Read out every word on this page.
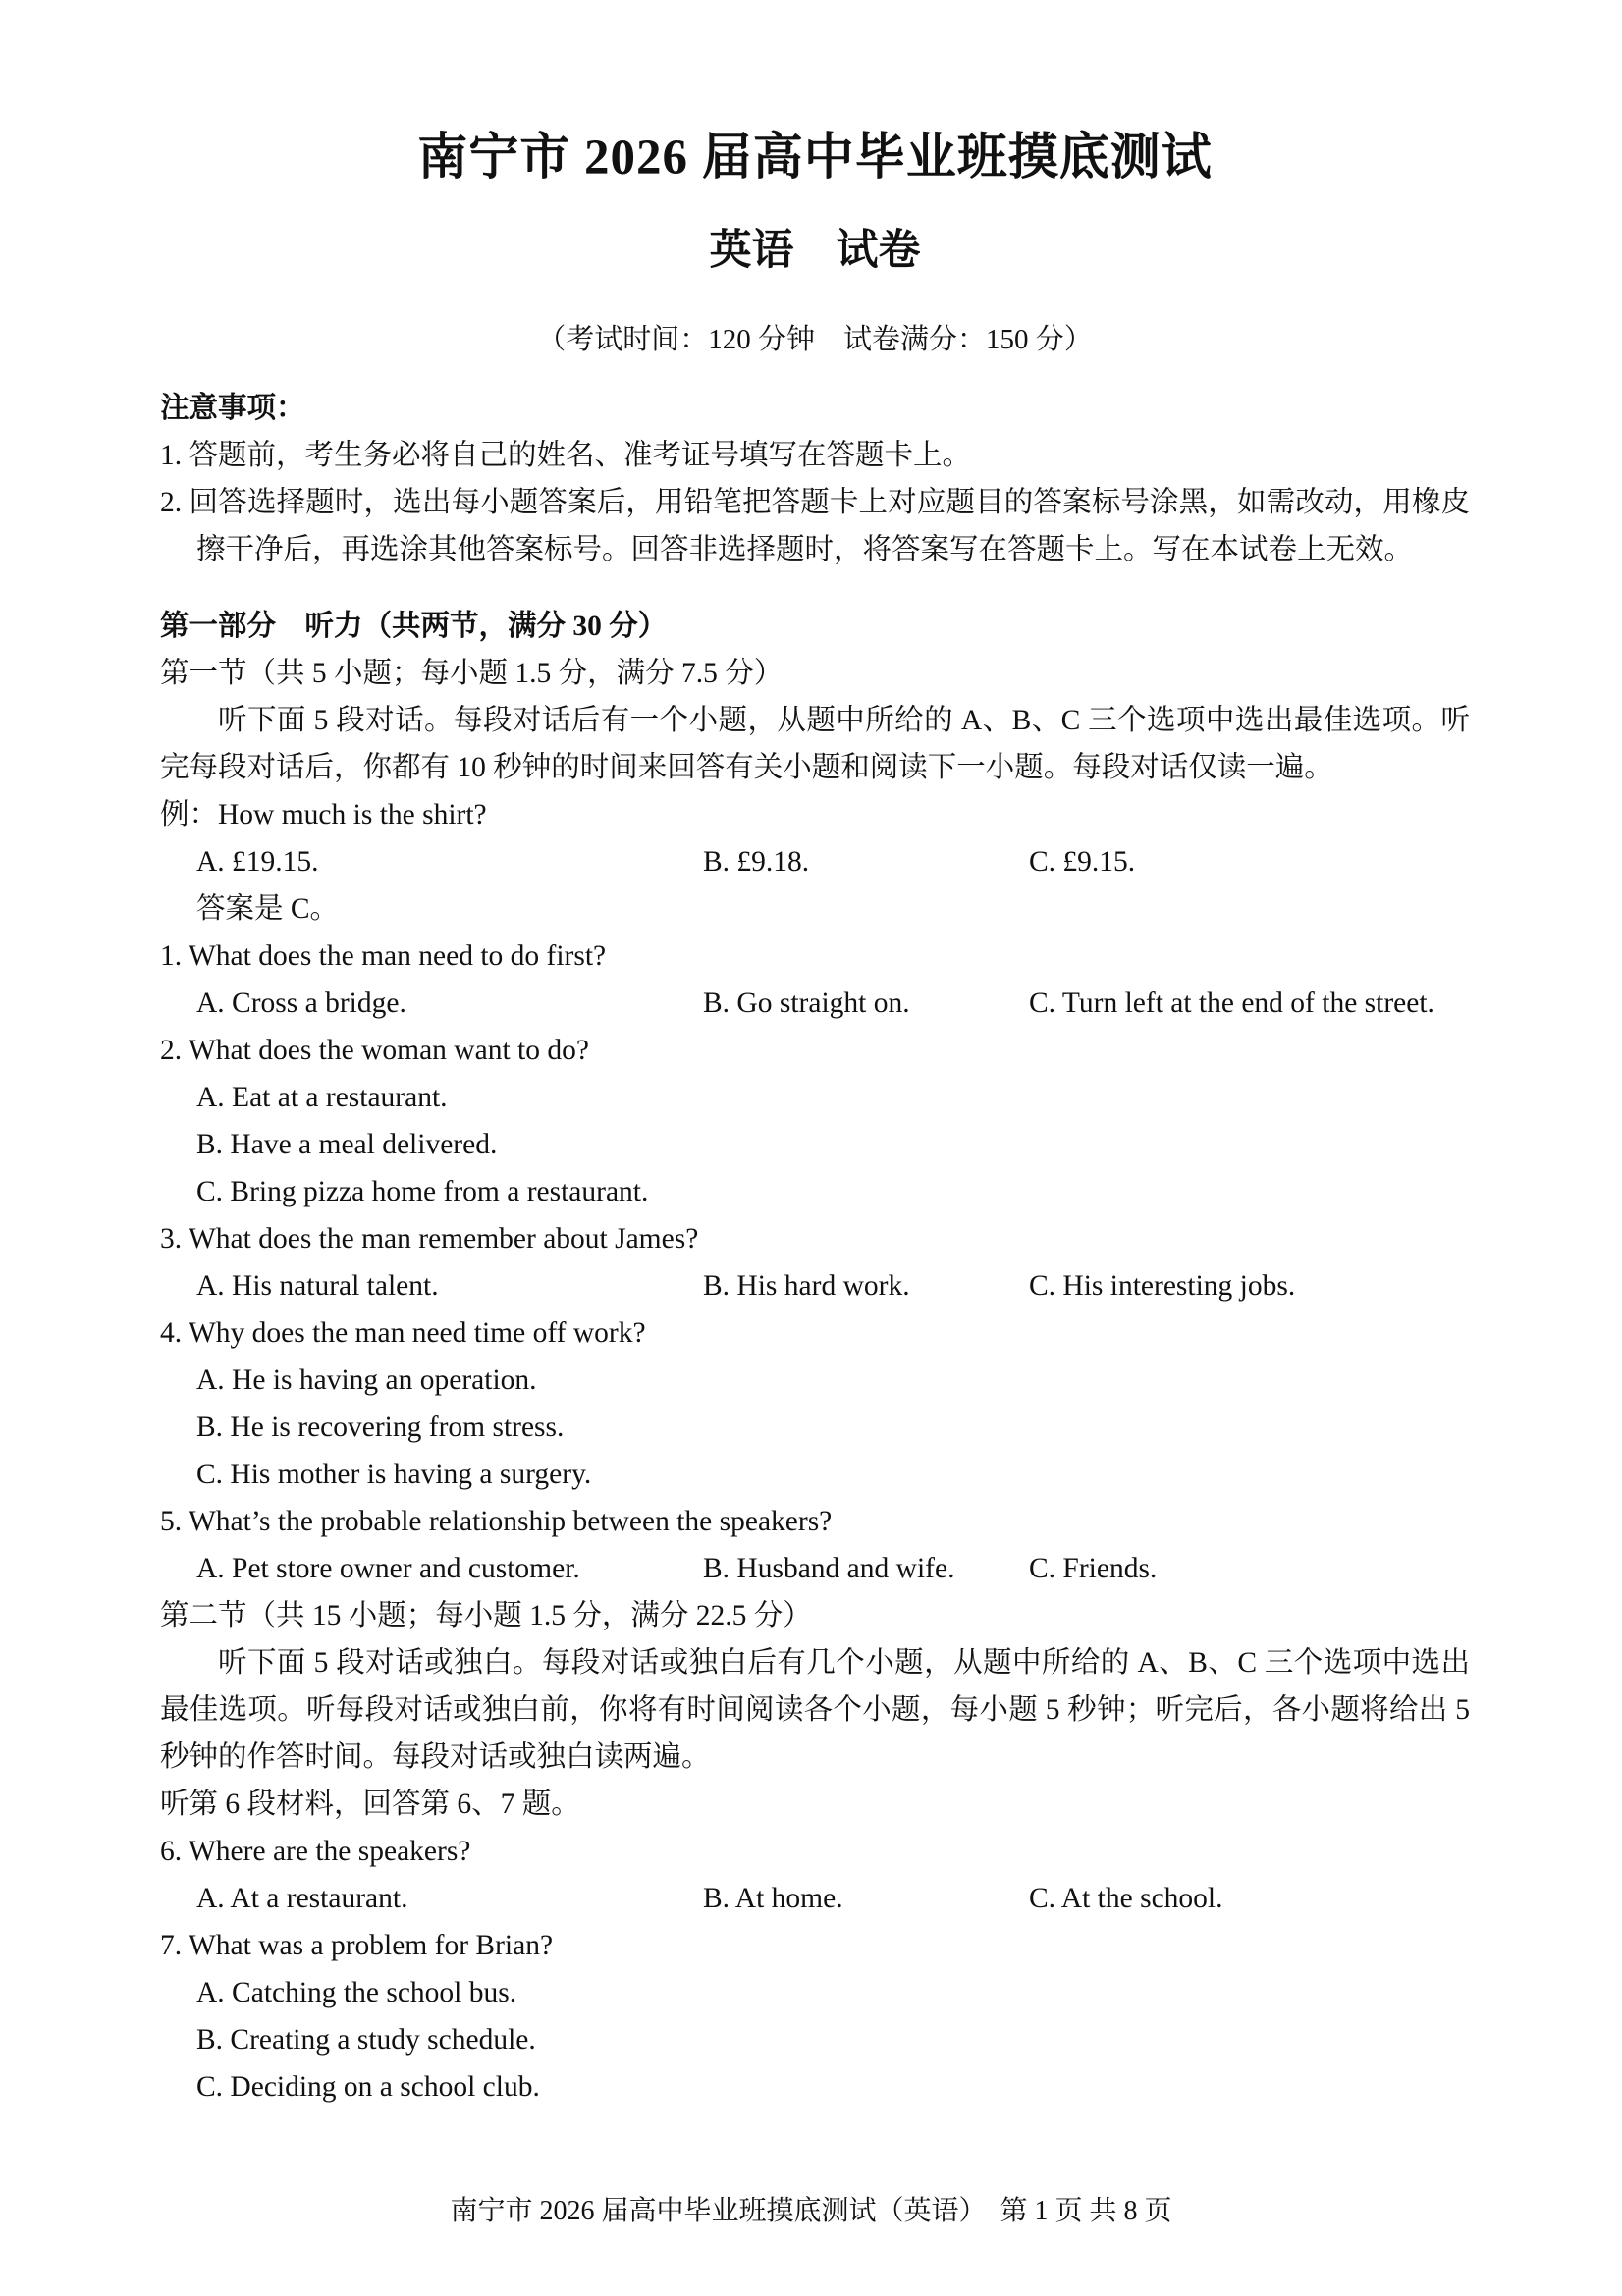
南宁市 2026 届高中毕业班摸底测试
英语　试卷

（考试时间：120 分钟　试卷满分：150 分）

注意事项：

1. 答题前，考生务必将自己的姓名、准考证号填写在答题卡上。

2. 回答选择题时，选出每小题答案后，用铅笔把答题卡上对应题目的答案标号涂黑，如需改动，用橡皮擦干净后，再选涂其他答案标号。回答非选择题时，将答案写在答题卡上。写在本试卷上无效。

第一部分　听力（共两节，满分 30 分）

第一节（共 5 小题；每小题 1.5 分，满分 7.5 分）

听下面 5 段对话。每段对话后有一个小题，从题中所给的 A、B、C 三个选项中选出最佳选项。听完每段对话后，你都有 10 秒钟的时间来回答有关小题和阅读下一小题。每段对话仅读一遍。

例：How much is the shirt?

A. £19.15.	B. £9.18.	C. £9.15.

答案是 C。

1. What does the man need to do first?

A. Cross a bridge.	B. Go straight on.	C. Turn left at the end of the street.

2. What does the woman want to do?

A. Eat at a restaurant.

B. Have a meal delivered.

C. Bring pizza home from a restaurant.

3. What does the man remember about James?

A. His natural talent.	B. His hard work.	C. His interesting jobs.

4. Why does the man need time off work?

A. He is having an operation.

B. He is recovering from stress.

C. His mother is having a surgery.

5. What’s the probable relationship between the speakers?

A. Pet store owner and customer.	B. Husband and wife.	C. Friends.

第二节（共 15 小题；每小题 1.5 分，满分 22.5 分）

听下面 5 段对话或独白。每段对话或独白后有几个小题，从题中所给的 A、B、C 三个选项中选出最佳选项。听每段对话或独白前，你将有时间阅读各个小题，每小题 5 秒钟；听完后，各小题将给出 5 秒钟的作答时间。每段对话或独白读两遍。

听第 6 段材料，回答第 6、7 题。

6. Where are the speakers?

A. At a restaurant.	B. At home.	C. At the school.

7. What was a problem for Brian?

A. Catching the school bus.

B. Creating a study schedule.

C. Deciding on a school club.

南宁市 2026 届高中毕业班摸底测试（英语）　第 1 页 共 8 页
